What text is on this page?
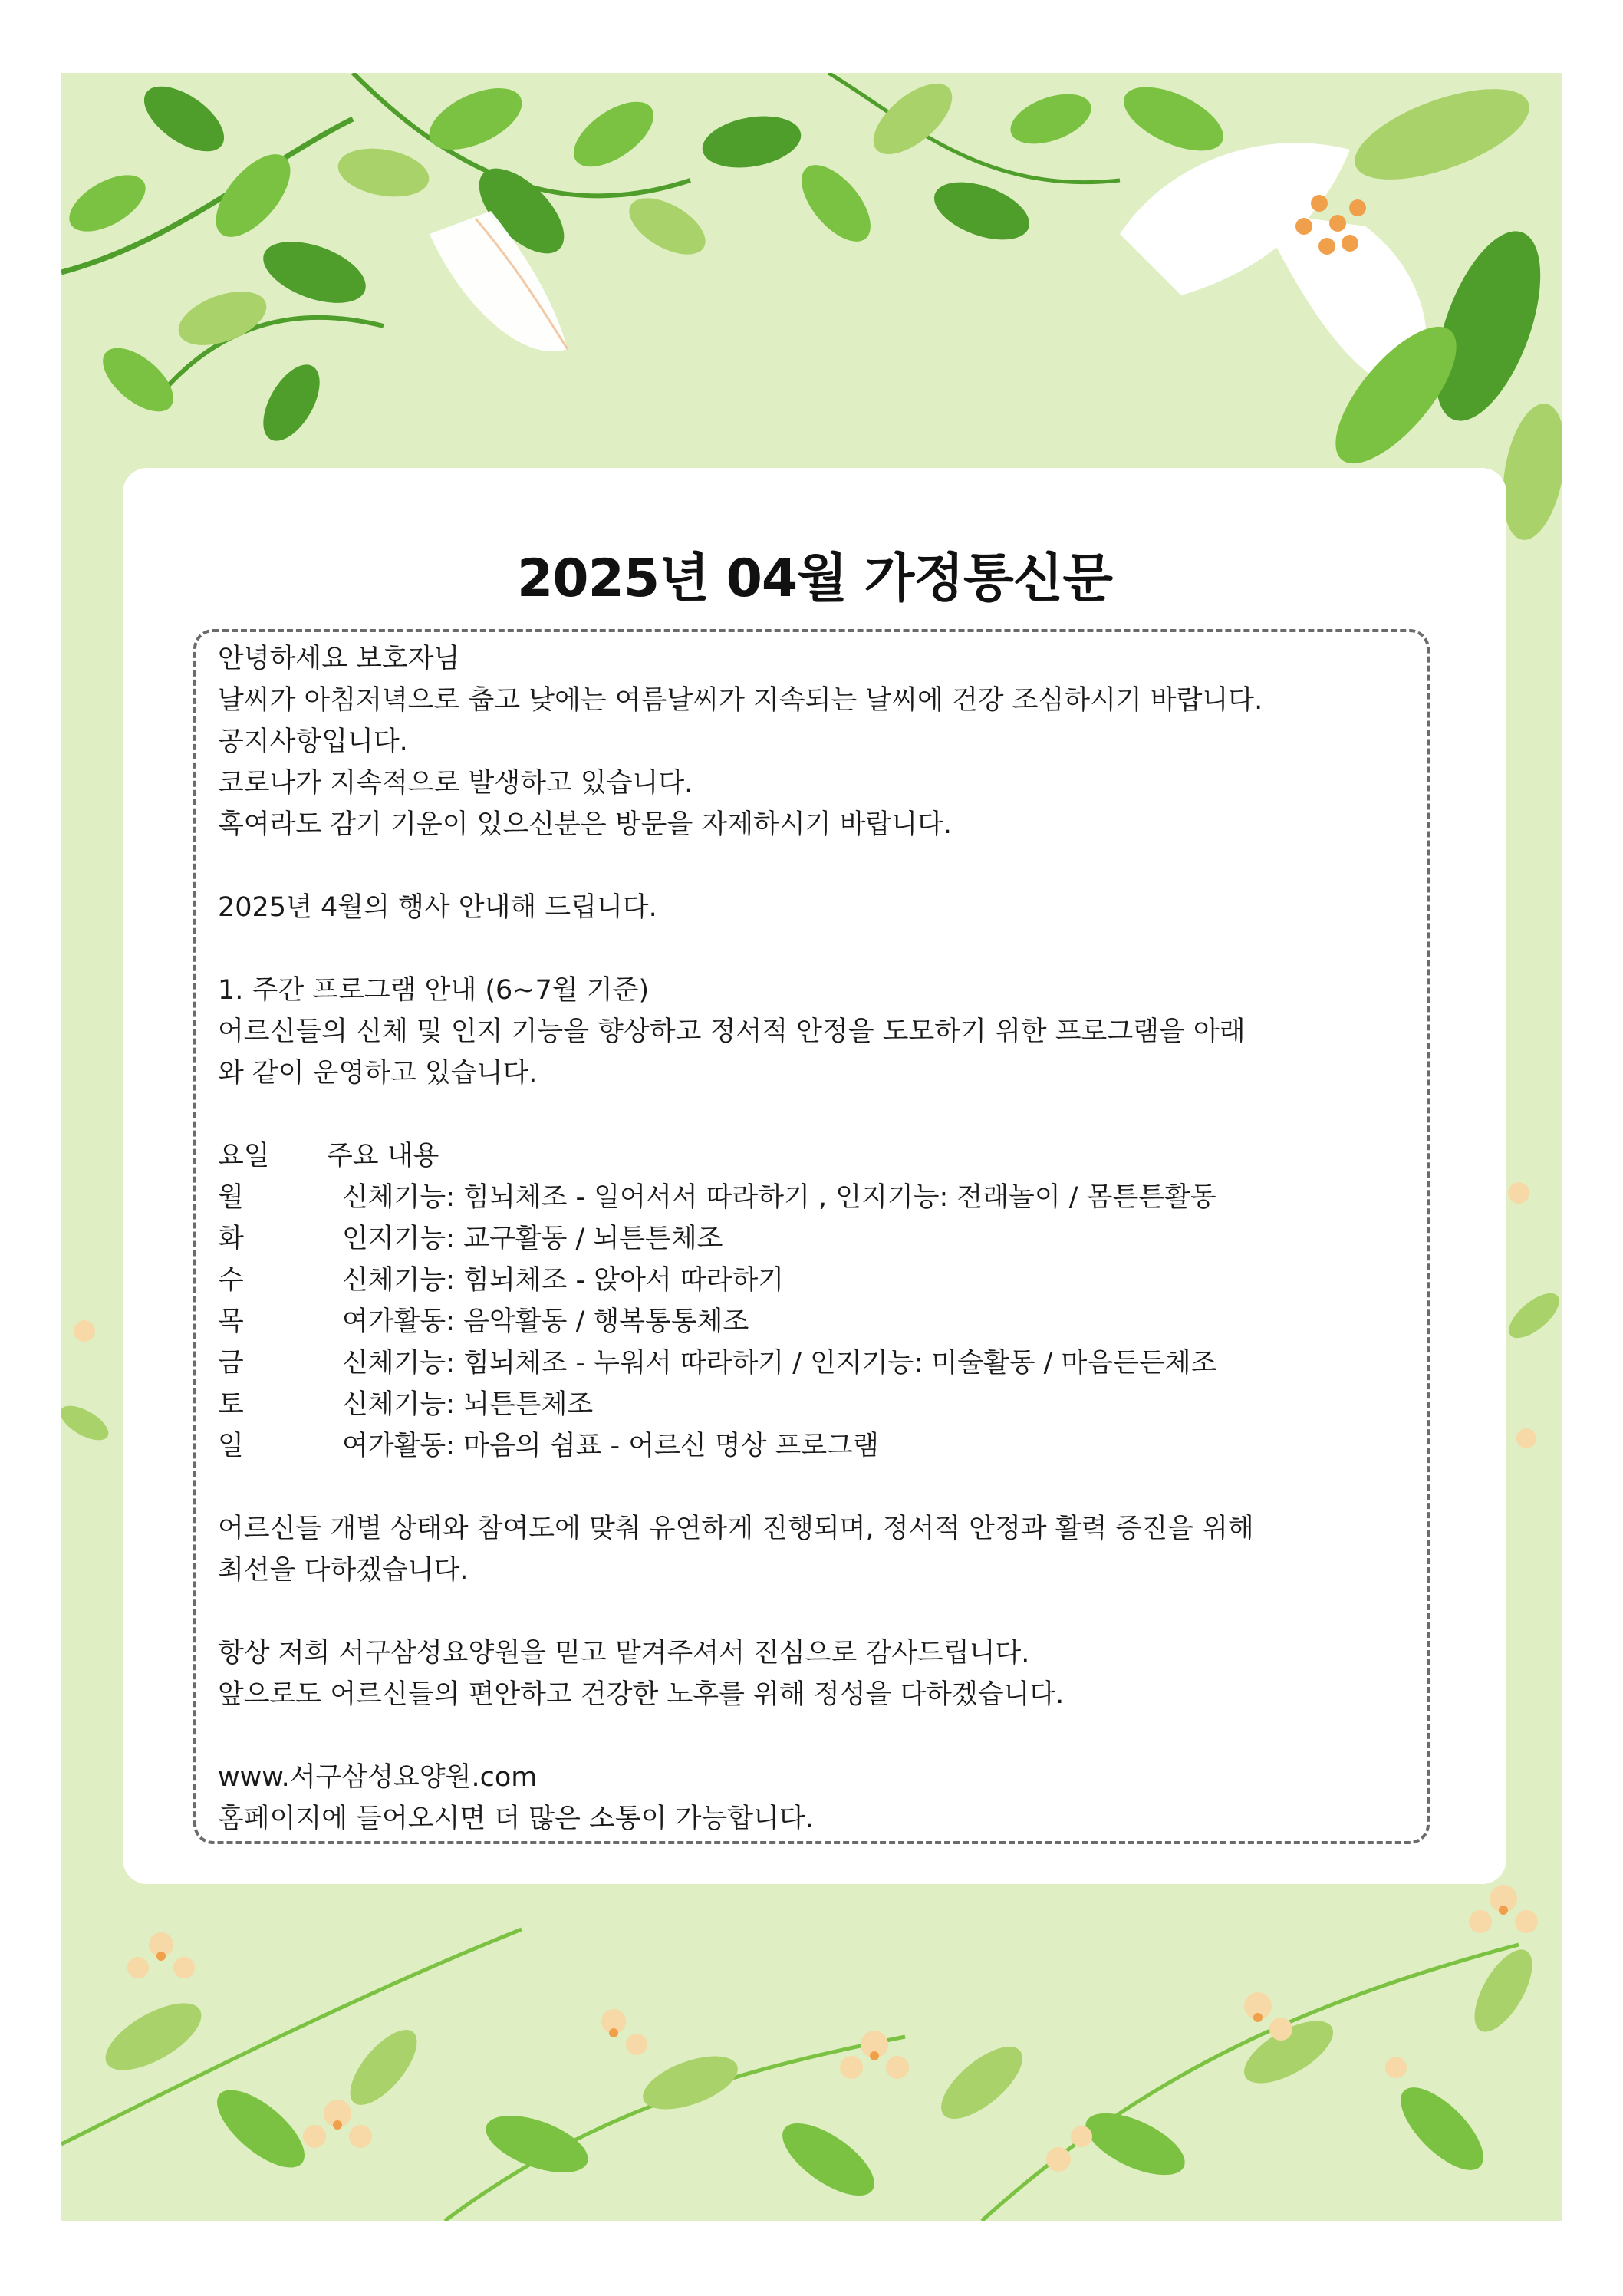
2025년 04월 가정통신문
안녕하세요 보호자님
날씨가 아침저녁으로 춥고 낮에는 여름날씨가 지속되는 날씨에 건강 조심하시기 바랍니다.
공지사항입니다.
코로나가 지속적으로 발생하고 있습니다.
혹여라도 감기 기운이 있으신분은 방문을 자제하시기 바랍니다.
2025년 4월의 행사 안내해 드립니다.
1. 주간 프로그램 안내 (6~7월 기준)
어르신들의 신체 및 인지 기능을 향상하고 정서적 안정을 도모하기 위한 프로그램을 아래
와 같이 운영하고 있습니다.
요일 주요 내용
월	신체기능: 힘뇌체조 - 일어서서 따라하기 , 인지기능: 전래놀이 / 몸튼튼활동
화	인지기능: 교구활동 / 뇌튼튼체조
수	신체기능: 힘뇌체조 - 앉아서 따라하기
목	여가활동: 음악활동 / 행복통통체조
금	신체기능: 힘뇌체조 - 누워서 따라하기 / 인지기능: 미술활동 / 마음든든체조
토	신체기능: 뇌튼튼체조
일	여가활동: 마음의 쉼표 - 어르신 명상 프로그램
어르신들 개별 상태와 참여도에 맞춰 유연하게 진행되며, 정서적 안정과 활력 증진을 위해
최선을 다하겠습니다.
항상 저희 서구삼성요양원을 믿고 맡겨주셔서 진심으로 감사드립니다.
앞으로도 어르신들의 편안하고 건강한 노후를 위해 정성을 다하겠습니다.
www.서구삼성요양원.com
홈페이지에 들어오시면 더 많은 소통이 가능합니다.
